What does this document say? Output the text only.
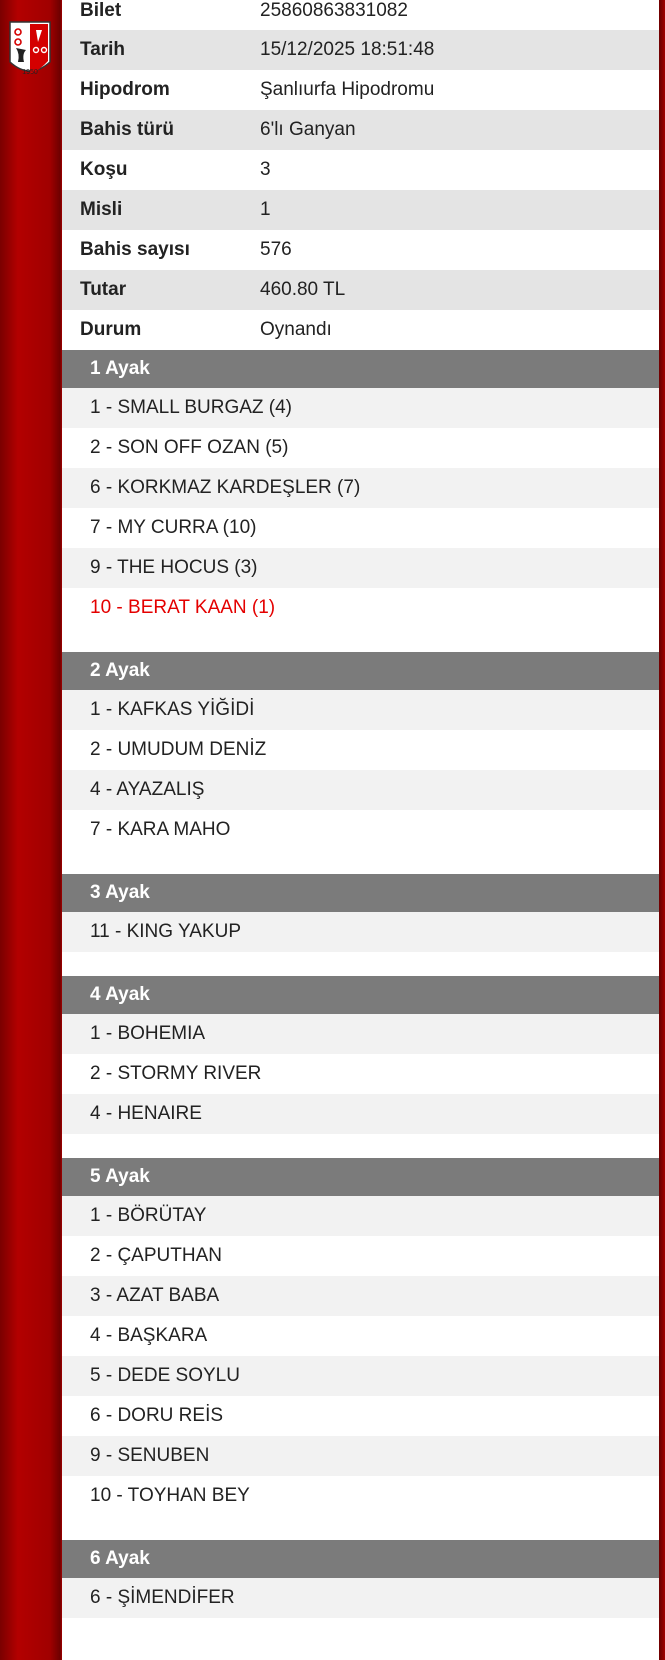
1950
Bilet	25860863831082
Tarih	15/12/2025 18:51:48
Hipodrom	Şanlıurfa Hipodromu
Bahis türü	6'lı Ganyan
Koşu	3
Misli	1
Bahis sayısı	576
Tutar	460.80 TL
Durum	Oynandı
1 Ayak
1 - SMALL BURGAZ (4)
2 - SON OFF OZAN (5)
6 - KORKMAZ KARDEŞLER (7)
7 - MY CURRA (10)
9 - THE HOCUS (3)
10 - BERAT KAAN (1)
2 Ayak
1 - KAFKAS YİĞİDİ
2 - UMUDUM DENİZ
4 - AYAZALIŞ
7 - KARA MAHO
3 Ayak
11 - KING YAKUP
4 Ayak
1 - BOHEMIA
2 - STORMY RIVER
4 - HENAIRE
5 Ayak
1 - BÖRÜTAY
2 - ÇAPUTHAN
3 - AZAT BABA
4 - BAŞKARA
5 - DEDE SOYLU
6 - DORU REİS
9 - SENUBEN
10 - TOYHAN BEY
6 Ayak
6 - ŞİMENDİFER
